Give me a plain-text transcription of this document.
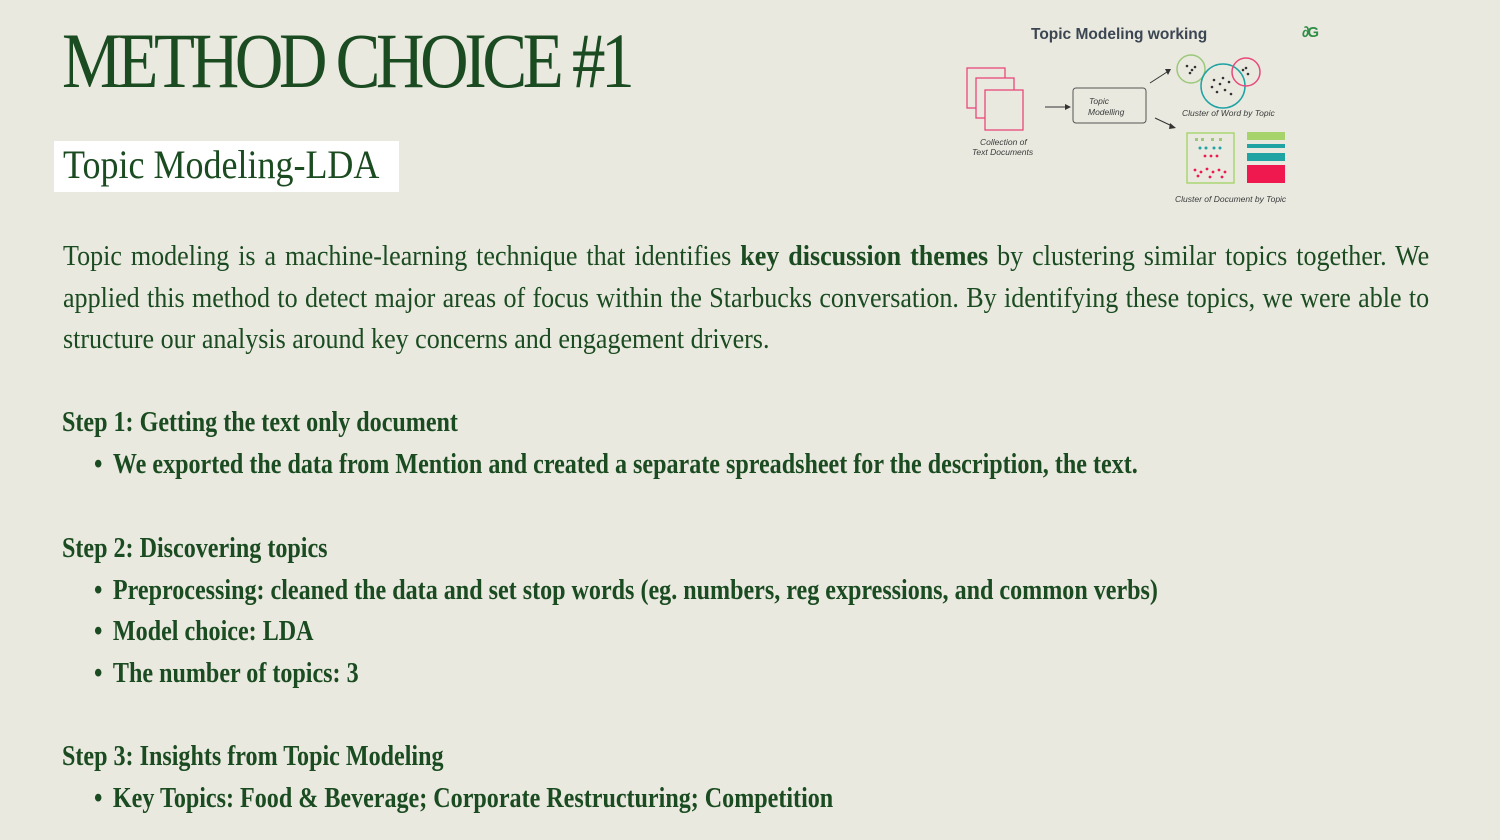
METHOD CHOICE #1
Topic Modeling-LDA
Topic Modeling working	∂G
Topic
Modelling
Collection of
Text Documents
Cluster of Word by Topic
Cluster of Document by Topic

Topic modeling is a machine-learning technique that identifies key discussion themes by clustering similar topics together. We applied this method to detect major areas of focus within the Starbucks conversation. By identifying these topics, we were able to structure our analysis around key concerns and engagement drivers.

Step 1: Getting the text only document
• We exported the data from Mention and created a separate spreadsheet for the description, the text.
Step 2: Discovering topics
• Preprocessing: cleaned the data and set stop words (eg. numbers, reg expressions, and common verbs)
• Model choice: LDA
• The number of topics: 3
Step 3: Insights from Topic Modeling
• Key Topics: Food & Beverage; Corporate Restructuring; Competition
